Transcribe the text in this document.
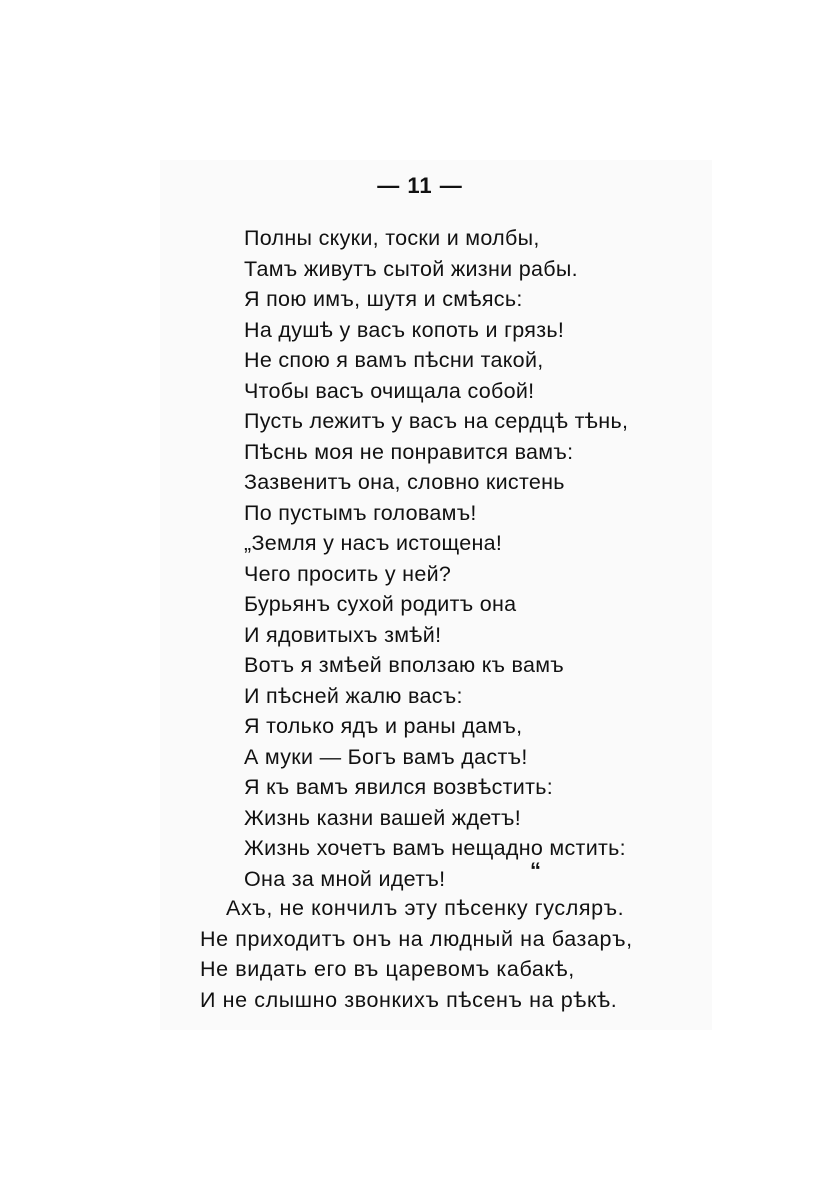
— 11 —
Полны скуки, тоски и молбы,
Тамъ живутъ сытой жизни рабы.
Я пою имъ, шутя и смѣясь:
На душѣ у васъ копоть и грязь!
Не спою я вамъ пѣсни такой,
Чтобы васъ очищала собой!
Пусть лежитъ у васъ на сердцѣ тѣнь,
Пѣснь моя не понравится вамъ:
Зазвенитъ она, словно кистень
По пустымъ головамъ!
„Земля у насъ истощена!
Чего просить у ней?
Бурьянъ сухой родитъ она
И ядовитыхъ змѣй!
Вотъ я змѣей вползаю къ вамъ
И пѣсней жалю васъ:
Я только ядъ и раны дамъ,
А муки — Богъ вамъ дастъ!
Я къ вамъ явился возвѣстить:
Жизнь казни вашей ждетъ!
Жизнь хочетъ вамъ нещадно мстить:
Она за мной идетъ!	“
Ахъ, не кончилъ эту пѣсенку гусляръ.
Не приходитъ онъ на людный на базаръ,
Не видать его въ царевомъ кабакѣ,
И не слышно звонкихъ пѣсенъ на рѣкѣ.
